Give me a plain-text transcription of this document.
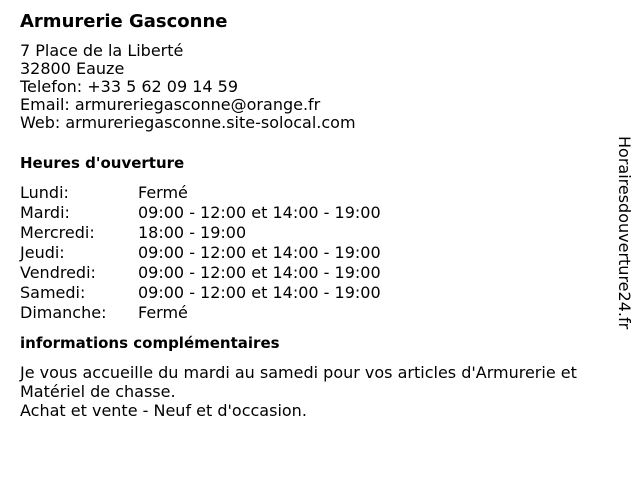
Armurerie Gasconne
7 Place de la Liberté
32800 Eauze
Telefon: +33 5 62 09 14 59
Email: armureriegasconne@orange.fr
Web: armureriegasconne.site-solocal.com
Heures d'ouverture
Lundi:	Fermé
Mardi:	09:00 - 12:00 et 14:00 - 19:00
Mercredi:	18:00 - 19:00
Jeudi:	09:00 - 12:00 et 14:00 - 19:00
Vendredi:	09:00 - 12:00 et 14:00 - 19:00
Samedi:	09:00 - 12:00 et 14:00 - 19:00
Dimanche:	Fermé
informations complémentaires
Je vous accueille du mardi au samedi pour vos articles d'Armurerie et Matériel de chasse.
Achat et vente - Neuf et d'occasion.
Horairesdouverture24.fr
